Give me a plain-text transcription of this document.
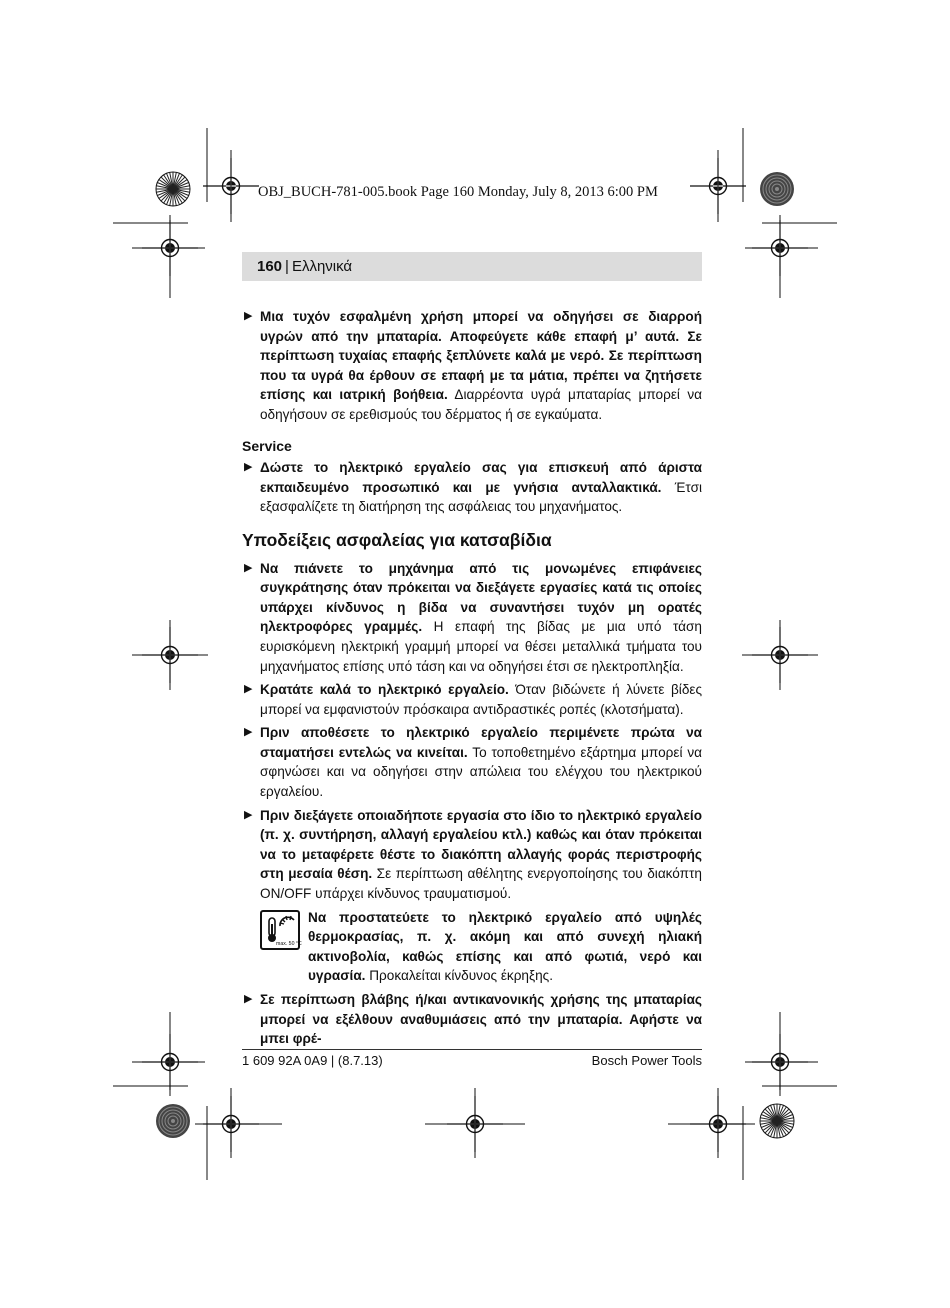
OBJ_BUCH-781-005.book Page 160 Monday, July 8, 2013 6:00 PM
160 | Ελληνικά
▶ Μια τυχόν εσφαλμένη χρήση μπορεί να οδηγήσει σε διαρροή υγρών από την μπαταρία. Αποφεύγετε κάθε επαφή μ’ αυτά. Σε περίπτωση τυχαίας επαφής ξεπλύνετε καλά με νερό. Σε περίπτωση που τα υγρά θα έρθουν σε επαφή με τα μάτια, πρέπει να ζητήσετε επίσης και ιατρική βοήθεια. Διαρρέοντα υγρά μπαταρίας μπορεί να οδηγήσουν σε ερεθισμούς του δέρματος ή σε εγκαύματα.
Service
▶ Δώστε το ηλεκτρικό εργαλείο σας για επισκευή από άριστα εκπαιδευμένο προσωπικό και με γνήσια ανταλλακτικά. Έτσι εξασφαλίζετε τη διατήρηση της ασφάλειας του μηχανήματος.
Υποδείξεις ασφαλείας για κατσαβίδια
▶ Να πιάνετε το μηχάνημα από τις μονωμένες επιφάνειες συγκράτησης όταν πρόκειται να διεξάγετε εργασίες κατά τις οποίες υπάρχει κίνδυνος η βίδα να συναντήσει τυχόν μη ορατές ηλεκτροφόρες γραμμές. Η επαφή της βίδας με μια υπό τάση ευρισκόμενη ηλεκτρική γραμμή μπορεί να θέσει μεταλλικά τμήματα του μηχανήματος επίσης υπό τάση και να οδηγήσει έτσι σε ηλεκτροπληξία.
▶ Κρατάτε καλά το ηλεκτρικό εργαλείο. Όταν βιδώνετε ή λύνετε βίδες μπορεί να εμφανιστούν πρόσκαιρα αντιδραστικές ροπές (κλοτσήματα).
▶ Πριν αποθέσετε το ηλεκτρικό εργαλείο περιμένετε πρώτα να σταματήσει εντελώς να κινείται. Το τοποθετημένο εξάρτημα μπορεί να σφηνώσει και να οδηγήσει στην απώλεια του ελέγχου του ηλεκτρικού εργαλείου.
▶ Πριν διεξάγετε οποιαδήποτε εργασία στο ίδιο το ηλεκτρικό εργαλείο (π. χ. συντήρηση, αλλαγή εργαλείου κτλ.) καθώς και όταν πρόκειται να το μεταφέρετε θέστε το διακόπτη αλλαγής φοράς περιστροφής στη μεσαία θέση. Σε περίπτωση αθέλητης ενεργοποίησης του διακόπτη ON/OFF υπάρχει κίνδυνος τραυματισμού.
max. 50 °C
Να προστατεύετε το ηλεκτρικό εργαλείο από υψηλές θερμοκρασίας, π. χ. ακόμη και από συνεχή ηλιακή ακτινοβολία, καθώς επίσης και από φωτιά, νερό και υγρασία. Προκαλείται κίνδυνος έκρηξης.
▶ Σε περίπτωση βλάβης ή/και αντικανονικής χρήσης της μπαταρίας μπορεί να εξέλθουν αναθυμιάσεις από την μπαταρία. Αφήστε να μπει φρέ-
1 609 92A 0A9 | (8.7.13)	Bosch Power Tools
